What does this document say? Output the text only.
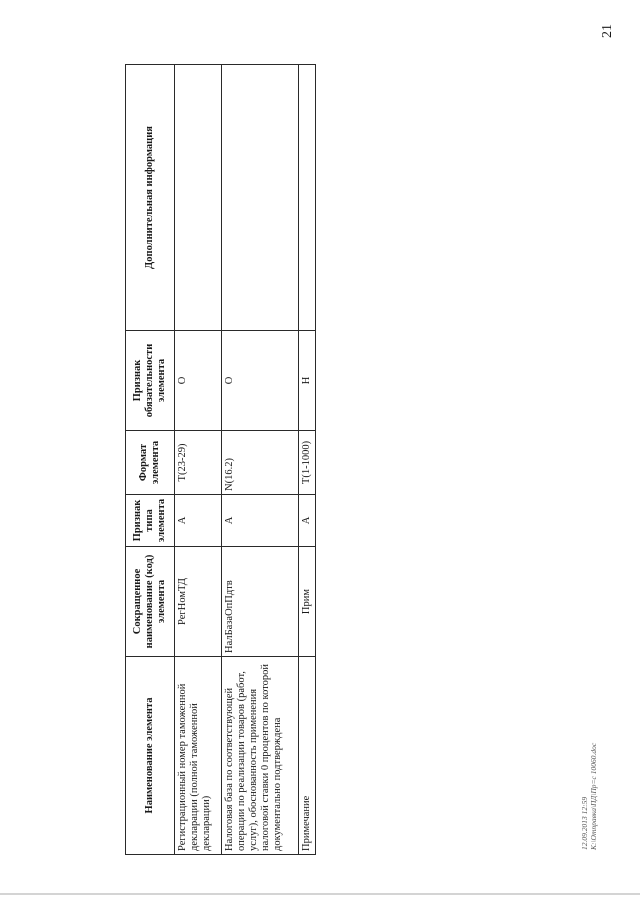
21
Наименование элемента	Сокращенное наименование (код) элемента	Признак типа элемента	Формат элемента	Признак обязательности элемента	Дополнительная информация
Регистрационный номер таможенной декларации (полной таможенной декларации)	РегНомТД	А	Т(23-29)	О	
Налоговая база по соответствующей операции по реализации товаров (работ, услуг), обоснованность применения налоговой ставки 0 процентов по которой документально подтверждена	НалБазаОпПдтв	А	N(16.2)	О	
Примечание	Прим	А	Т(1-1000)	Н	
12.09.2013 12:59 К:\Отправка\ПД\Пр=с 10060.doc
